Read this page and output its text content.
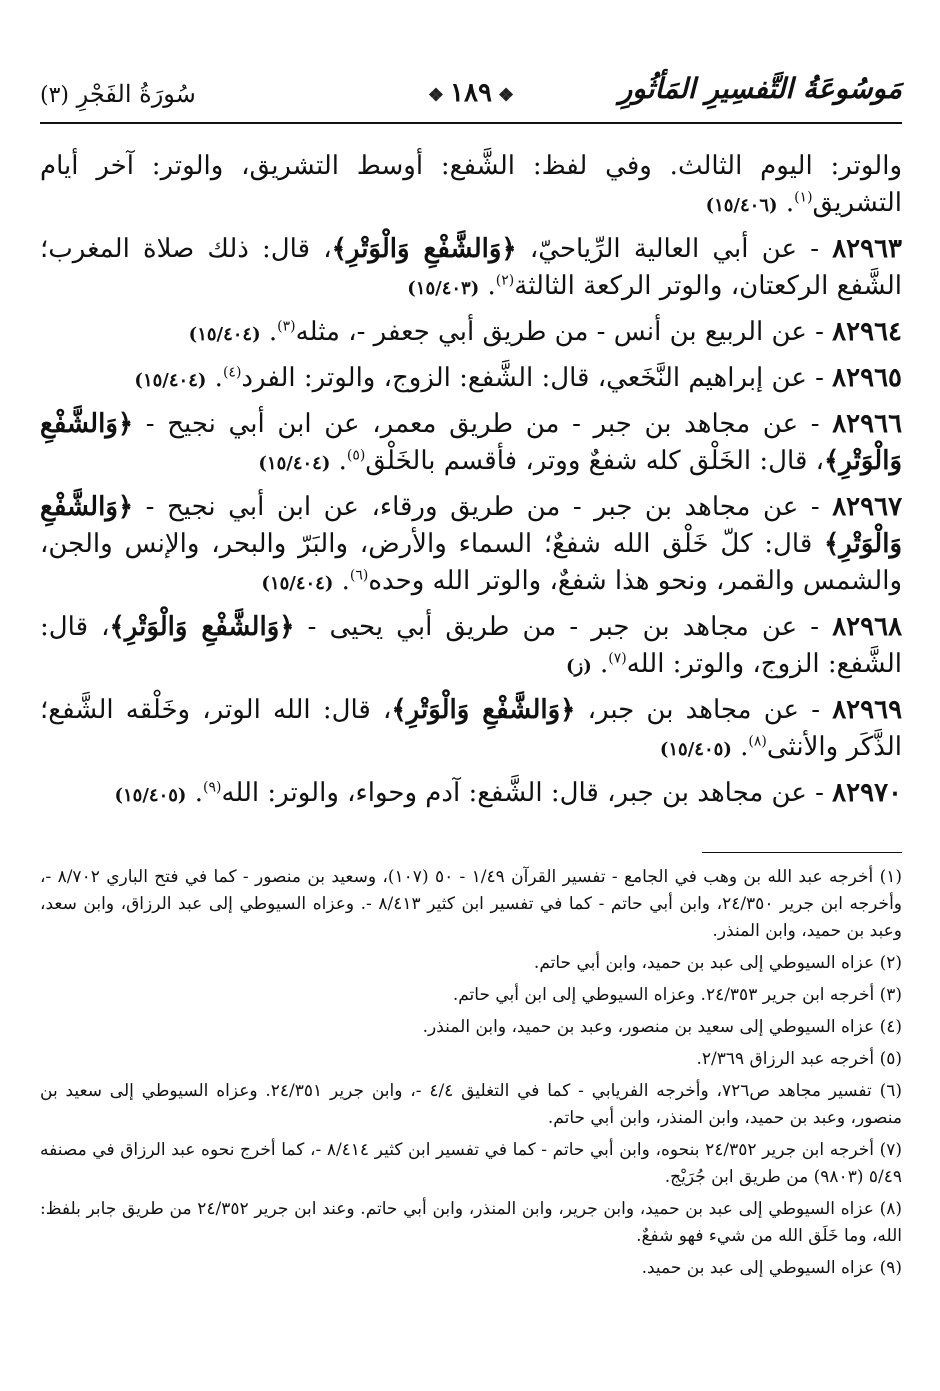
مَوسُوعَةُ التَّفسِيرِ المَأثُورِ
❖١٨٩❖
سُورَةُ الفَجْرِ (٣)

والوتر: اليوم الثالث. وفي لفظ: الشَّفع: أوسط التشريق، والوتر: آخر أيام التشريق$^{(١)}$. (١٥/٤٠٦)

٨٢٩٦٣ - عن أبي العالية الرِّياحيّ، ﴿وَالشَّفْعِ وَالْوَتْرِ﴾، قال: ذلك صلاة المغرب؛ الشَّفع الركعتان، والوتر الركعة الثالثة$^{(٢)}$. (١٥/٤٠٣)

٨٢٩٦٤ - عن الربيع بن أنس - من طريق أبي جعفر -، مثله$^{(٣)}$. (١٥/٤٠٤)

٨٢٩٦٥ - عن إبراهيم النَّخَعي، قال: الشَّفع: الزوج، والوتر: الفرد$^{(٤)}$. (١٥/٤٠٤)

٨٢٩٦٦ - عن مجاهد بن جبر - من طريق معمر، عن ابن أبي نجيح - ﴿وَالشَّفْعِ وَالْوَتْرِ﴾، قال: الخَلْق كله شفعٌ ووتر، فأقسم بالخَلْق$^{(٥)}$. (١٥/٤٠٤)

٨٢٩٦٧ - عن مجاهد بن جبر - من طريق ورقاء، عن ابن أبي نجيح - ﴿وَالشَّفْعِ وَالْوَتْرِ﴾ قال: كلّ خَلْق الله شفعٌ؛ السماء والأرض، والبَرّ والبحر، والإنس والجن، والشمس والقمر، ونحو هذا شفعٌ، والوتر الله وحده$^{(٦)}$. (١٥/٤٠٤)

٨٢٩٦٨ - عن مجاهد بن جبر - من طريق أبي يحيى - ﴿وَالشَّفْعِ وَالْوَتْرِ﴾، قال: الشَّفع: الزوج، والوتر: الله$^{(٧)}$. (ز)

٨٢٩٦٩ - عن مجاهد بن جبر، ﴿وَالشَّفْعِ وَالْوَتْرِ﴾، قال: الله الوتر، وخَلْقه الشَّفع؛ الذَّكَر والأنثى$^{(٨)}$. (١٥/٤٠٥)

٨٢٩٧٠ - عن مجاهد بن جبر، قال: الشَّفع: آدم وحواء، والوتر: الله$^{(٩)}$. (١٥/٤٠٥)

(١) أخرجه عبد الله بن وهب في الجامع - تفسير القرآن ١/٤٩ - ٥٠ (١٠٧)، وسعيد بن منصور - كما في فتح الباري ٨/٧٠٢ -، وأخرجه ابن جرير ٢٤/٣٥٠، وابن أبي حاتم - كما في تفسير ابن كثير ٨/٤١٣ -. وعزاه السيوطي إلى عبد الرزاق، وابن سعد، وعبد بن حميد، وابن المنذر.

(٢) عزاه السيوطي إلى عبد بن حميد، وابن أبي حاتم.

(٣) أخرجه ابن جرير ٢٤/٣٥٣. وعزاه السيوطي إلى ابن أبي حاتم.

(٤) عزاه السيوطي إلى سعيد بن منصور، وعبد بن حميد، وابن المنذر.

(٥) أخرجه عبد الرزاق ٢/٣٦٩.

(٦) تفسير مجاهد ص٧٢٦، وأخرجه الفريابي - كما في التغليق ٤/٤ -، وابن جرير ٢٤/٣٥١. وعزاه السيوطي إلى سعيد بن منصور، وعبد بن حميد، وابن المنذر، وابن أبي حاتم.

(٧) أخرجه ابن جرير ٢٤/٣٥٢ بنحوه، وابن أبي حاتم - كما في تفسير ابن كثير ٨/٤١٤ -، كما أخرج نحوه عبد الرزاق في مصنفه ٥/٤٩ (٩٨٠٣) من طريق ابن جُرَيْج.

(٨) عزاه السيوطي إلى عبد بن حميد، وابن جرير، وابن المنذر، وابن أبي حاتم. وعند ابن جرير ٢٤/٣٥٢ من طريق جابر بلفظ: الله، وما خَلَق الله من شيء فهو شفعٌ.

(٩) عزاه السيوطي إلى عبد بن حميد.
